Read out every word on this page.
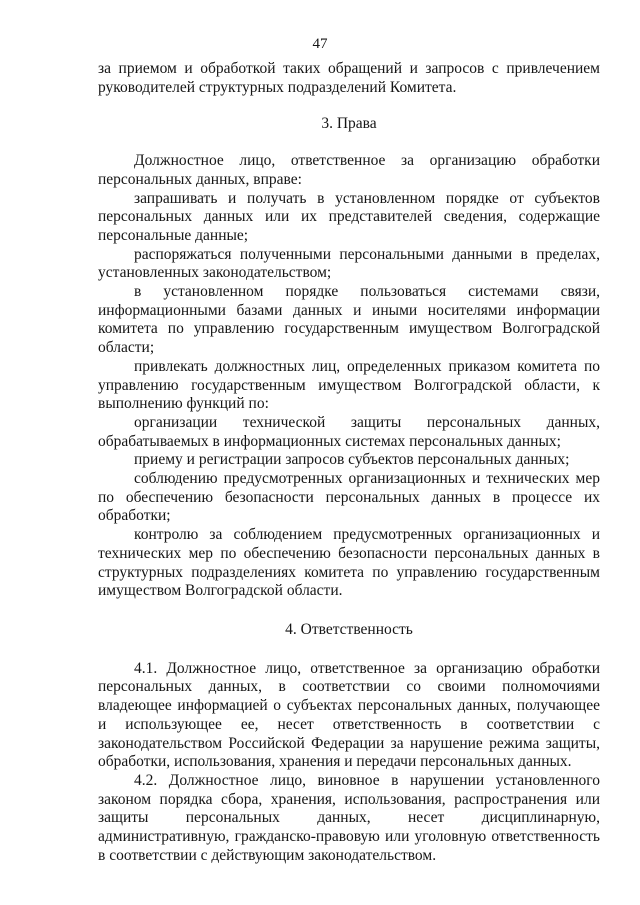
47

за приемом и обработкой таких обращений и запросов с привлечением руководителей структурных подразделений Комитета.

3. Права

Должностное лицо, ответственное за организацию обработки персональных данных, вправе:

запрашивать и получать в установленном порядке от субъектов персональных данных или их представителей сведения, содержащие персональные данные;

распоряжаться полученными персональными данными в пределах, установленных законодательством;

в установленном порядке пользоваться системами связи, информационными базами данных и иными носителями информации комитета по управлению государственным имуществом Волгоградской области;

привлекать должностных лиц, определенных приказом комитета по управлению государственным имуществом Волгоградской области, к выполнению функций по:

организации технической защиты персональных данных, обрабатываемых в информационных системах персональных данных;

приему и регистрации запросов субъектов персональных данных;

соблюдению предусмотренных организационных и технических мер по обеспечению безопасности персональных данных в процессе их обработки;

контролю за соблюдением предусмотренных организационных и технических мер по обеспечению безопасности персональных данных в структурных подразделениях комитета по управлению государственным имуществом Волгоградской области.

4. Ответственность

4.1. Должностное лицо, ответственное за организацию обработки персональных данных, в соответствии со своими полномочиями владеющее информацией о субъектах персональных данных, получающее и использующее ее, несет ответственность в соответствии с законодательством Российской Федерации за нарушение режима защиты, обработки, использования, хранения и передачи персональных данных.

4.2. Должностное лицо, виновное в нарушении установленного законом порядка сбора, хранения, использования, распространения или защиты персональных данных, несет дисциплинарную, административную, гражданско-правовую или уголовную ответственность в соответствии с действующим законодательством.
